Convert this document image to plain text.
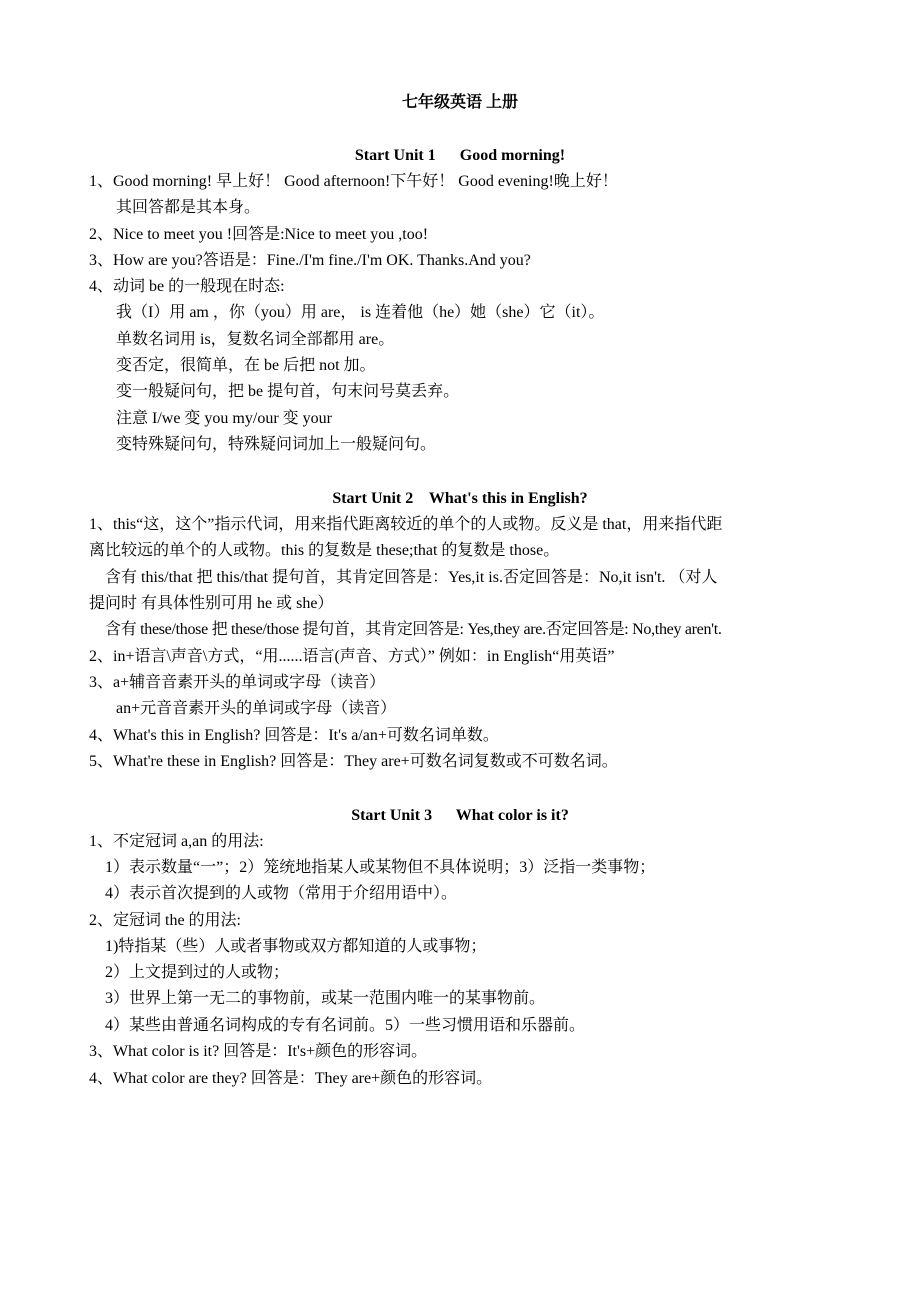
七年级英语 上册
Start Unit 1      Good morning!
1、Good morning! 早上好！ Good afternoon!下午好！ Good evening!晚上好！
其回答都是其本身。
2、Nice to meet you !回答是:Nice to meet you ,too!
3、How are you?答语是：Fine./I'm fine./I'm OK. Thanks.And you?
4、动词 be 的一般现在时态:
我（I）用 am ，你（you）用 are， is 连着他（he）她（she）它（it）。
单数名词用 is，复数名词全部都用 are。
变否定，很简单，在 be 后把 not 加。
变一般疑问句，把 be 提句首，句末问号莫丢弃。
注意 I/we 变 you my/our 变 your
变特殊疑问句，特殊疑问词加上一般疑问句。
Start Unit 2    What's this in English?
1、this“这，这个”指示代词，用来指代距离较近的单个的人或物。反义是 that，用来指代距
离比较远的单个的人或物。this 的复数是 these;that 的复数是 those。
含有 this/that 把 this/that 提句首，其肯定回答是：Yes,it is.否定回答是：No,it isn't. （对人
提问时 有具体性别可用 he 或 she）
含有 these/those 把 these/those 提句首，其肯定回答是: Yes,they are.否定回答是: No,they aren't.
2、in+语言\声音\方式，“用......语言(声音、方式）” 例如：in English“用英语”
3、a+辅音音素开头的单词或字母（读音）
an+元音音素开头的单词或字母（读音）
4、What's this in English? 回答是：It's a/an+可数名词单数。
5、What're these in English? 回答是：They are+可数名词复数或不可数名词。
Start Unit 3      What color is it?
1、不定冠词 a,an 的用法:
1）表示数量“一”；2）笼统地指某人或某物但不具体说明；3）泛指一类事物；
4）表示首次提到的人或物（常用于介绍用语中）。
2、定冠词 the 的用法:
1)特指某（些）人或者事物或双方都知道的人或事物；
2）上文提到过的人或物；
3）世界上第一无二的事物前，或某一范围内唯一的某事物前。
4）某些由普通名词构成的专有名词前。5）一些习惯用语和乐器前。
3、What color is it? 回答是：It's+颜色的形容词。
4、What color are they? 回答是：They are+颜色的形容词。
